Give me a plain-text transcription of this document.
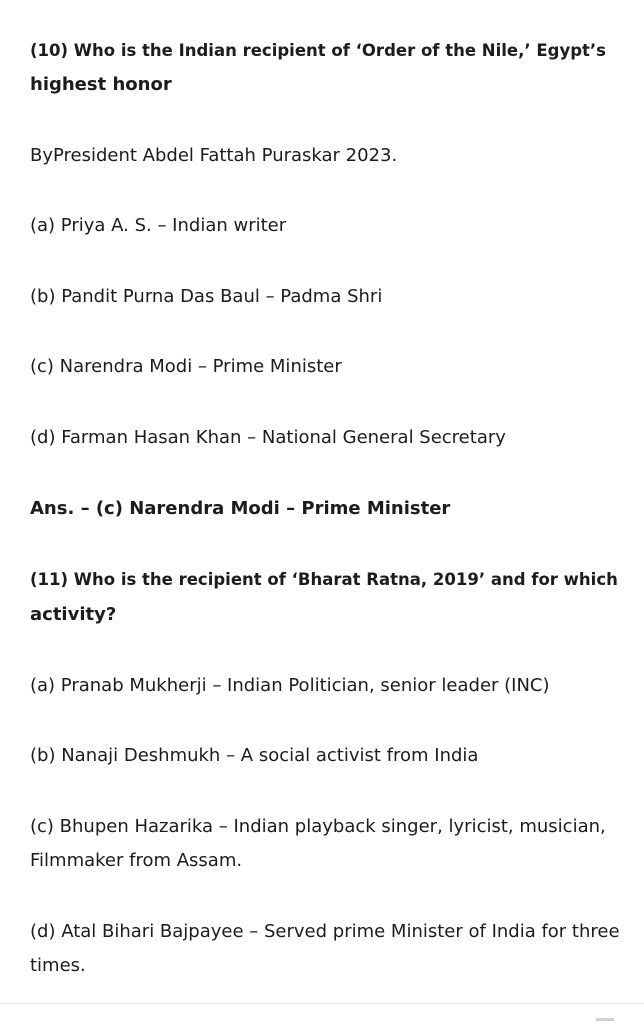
(10) Who is the Indian recipient of ‘Order of the Nile,’ Egypt’s
highest honor
ByPresident Abdel Fattah Puraskar 2023.
(a) Priya A. S. – Indian writer
(b) Pandit Purna Das Baul – Padma Shri
(c) Narendra Modi – Prime Minister
(d) Farman Hasan Khan – National General Secretary
Ans. – (c) Narendra Modi – Prime Minister
(11) Who is the recipient of ‘Bharat Ratna, 2019’ and for which
activity?
(a) Pranab Mukherji – Indian Politician, senior leader (INC)
(b) Nanaji Deshmukh – A social activist from India
(c) Bhupen Hazarika – Indian playback singer, lyricist, musician,
Filmmaker from Assam.
(d) Atal Bihari Bajpayee – Served prime Minister of India for three
times.
